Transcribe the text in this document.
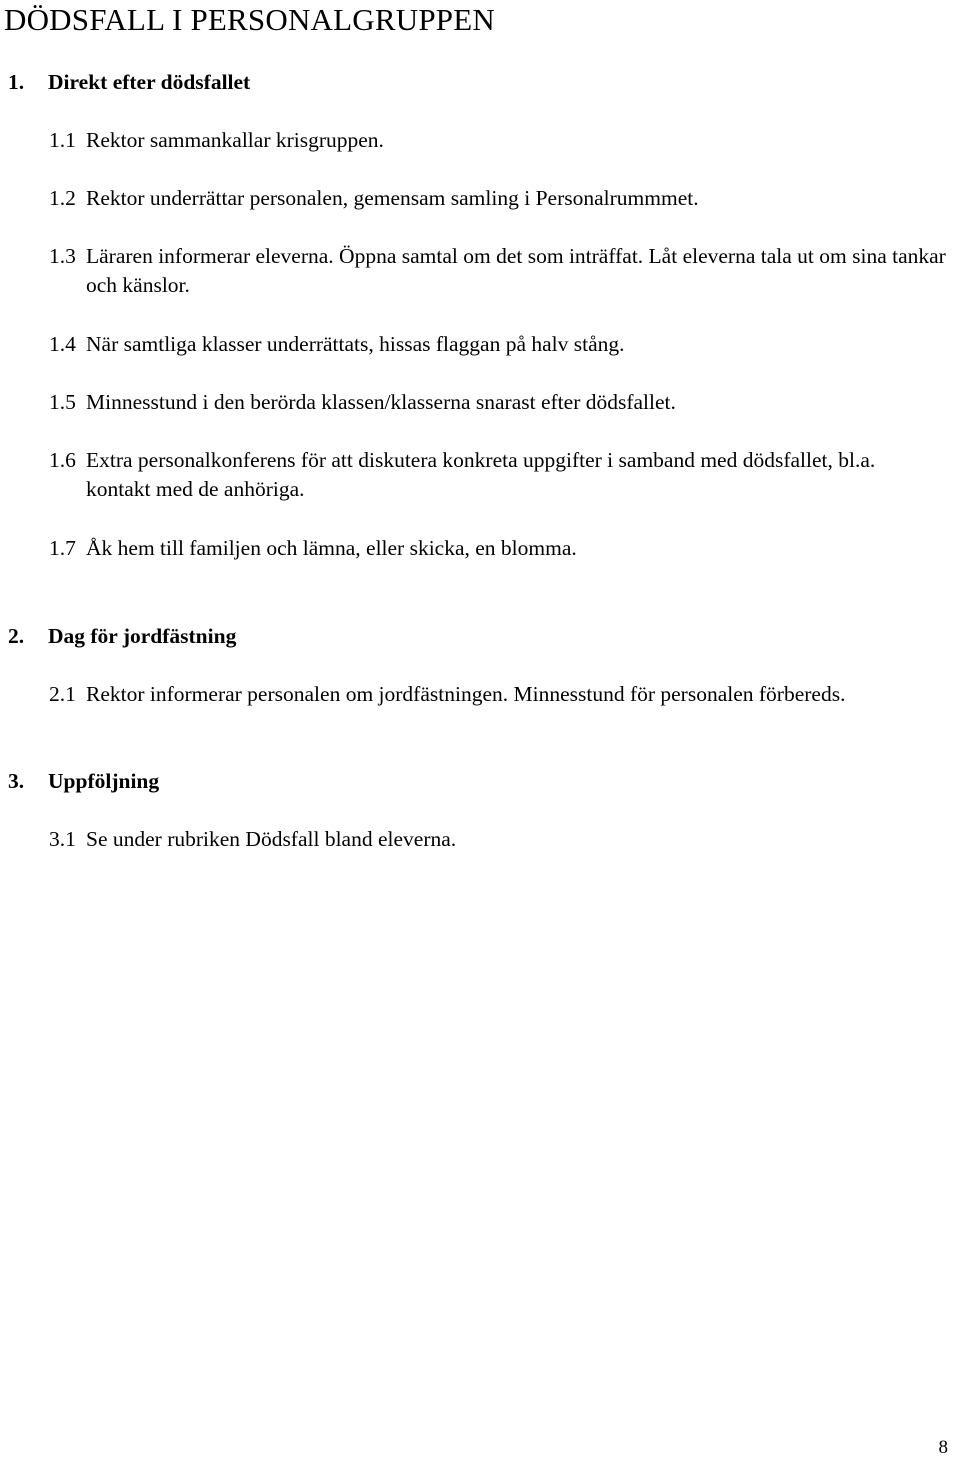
DÖDSFALL I PERSONALGRUPPEN
1. Direkt efter dödsfallet

1.1 Rektor sammankallar krisgruppen.

1.2 Rektor underrättar personalen, gemensam samling i Personalrummmet.

1.3 Läraren informerar eleverna. Öppna samtal om det som inträffat. Låt eleverna tala ut om sina tankar och känslor.

1.4 När samtliga klasser underrättats, hissas flaggan på halv stång.

1.5 Minnesstund i den berörda klassen/klasserna snarast efter dödsfallet.

1.6 Extra personalkonferens för att diskutera konkreta uppgifter i samband med dödsfallet, bl.a. kontakt med de anhöriga.

1.7 Åk hem till familjen och lämna, eller skicka, en blomma.

2. Dag för jordfästning

2.1 Rektor informerar personalen om jordfästningen. Minnesstund för personalen förbereds.

3. Uppföljning

3.1 Se under rubriken Dödsfall bland eleverna.

8
